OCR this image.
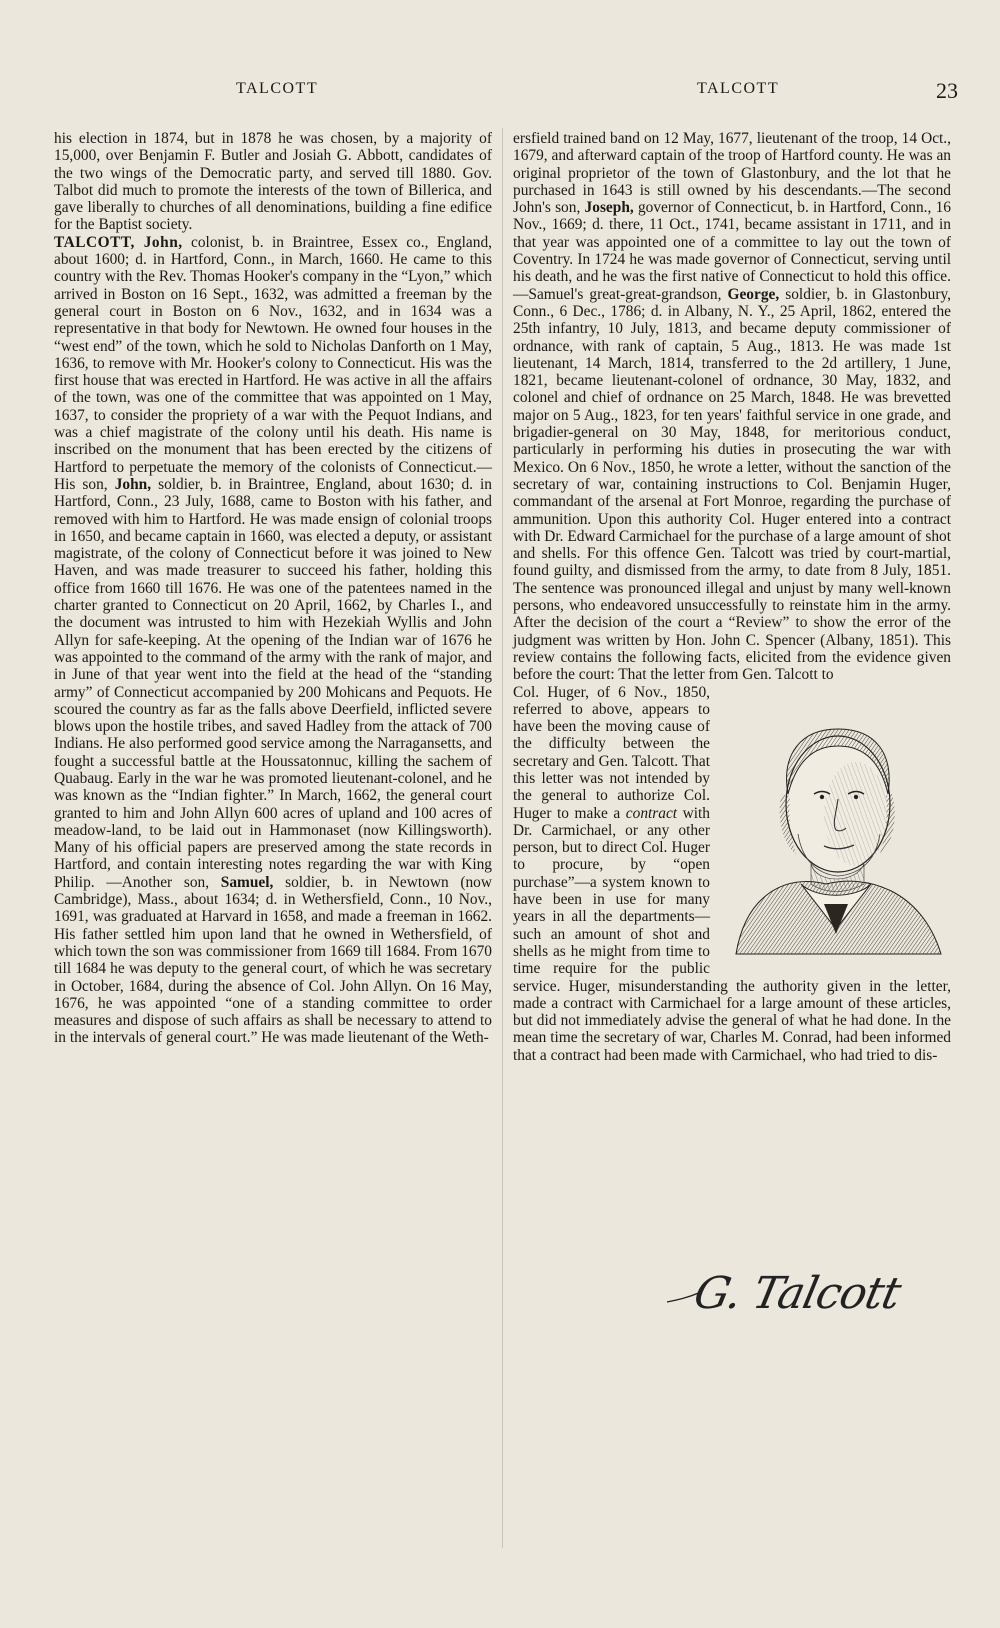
TALCOTT	TALCOTT	23

his election in 1874, but in 1878 he was chosen, by a majority of 15,000, over Benjamin F. Butler and Josiah G. Abbott, candidates of the two wings of the Democratic party, and served till 1880. Gov. Talbot did much to promote the interests of the town of Billerica, and gave liberally to churches of all denominations, building a fine edifice for the Baptist society.

TALCOTT, John, colonist, b. in Braintree, Essex co., England, about 1600; d. in Hartford, Conn., in March, 1660. He came to this country with the Rev. Thomas Hooker's company in the “Lyon,” which arrived in Boston on 16 Sept., 1632, was admitted a freeman by the general court in Boston on 6 Nov., 1632, and in 1634 was a representative in that body for Newtown. He owned four houses in the “west end” of the town, which he sold to Nicholas Danforth on 1 May, 1636, to remove with Mr. Hooker's colony to Connecticut. His was the first house that was erected in Hartford. He was active in all the affairs of the town, was one of the committee that was appointed on 1 May, 1637, to consider the propriety of a war with the Pequot Indians, and was a chief magistrate of the colony until his death. His name is inscribed on the monument that has been erected by the citizens of Hartford to perpetuate the memory of the colonists of Connecticut.—His son, John, soldier, b. in Braintree, England, about 1630; d. in Hartford, Conn., 23 July, 1688, came to Boston with his father, and removed with him to Hartford. He was made ensign of colonial troops in 1650, and became captain in 1660, was elected a deputy, or assistant magistrate, of the colony of Connecticut before it was joined to New Haven, and was made treasurer to succeed his father, holding this office from 1660 till 1676. He was one of the patentees named in the charter granted to Connecticut on 20 April, 1662, by Charles I., and the document was intrusted to him with Hezekiah Wyllis and John Allyn for safe-keeping. At the opening of the Indian war of 1676 he was appointed to the command of the army with the rank of major, and in June of that year went into the field at the head of the “standing army” of Connecticut accompanied by 200 Mohicans and Pequots. He scoured the country as far as the falls above Deerfield, inflicted severe blows upon the hostile tribes, and saved Hadley from the attack of 700 Indians. He also performed good service among the Narragansetts, and fought a successful battle at the Houssatonnuc, killing the sachem of Quabaug. Early in the war he was promoted lieutenant-colonel, and he was known as the “Indian fighter.” In March, 1662, the general court granted to him and John Allyn 600 acres of upland and 100 acres of meadow-land, to be laid out in Hammonaset (now Killingsworth). Many of his official papers are preserved among the state records in Hartford, and contain interesting notes regarding the war with King Philip. —Another son, Samuel, soldier, b. in Newtown (now Cambridge), Mass., about 1634; d. in Wethersfield, Conn., 10 Nov., 1691, was graduated at Harvard in 1658, and made a freeman in 1662. His father settled him upon land that he owned in Wethersfield, of which town the son was commissioner from 1669 till 1684. From 1670 till 1684 he was deputy to the general court, of which he was secretary in October, 1684, during the absence of Col. John Allyn. On 16 May, 1676, he was appointed “one of a standing committee to order measures and dispose of such affairs as shall be necessary to attend to in the intervals of general court.” He was made lieutenant of the Weth-

ersfield trained band on 12 May, 1677, lieutenant of the troop, 14 Oct., 1679, and afterward captain of the troop of Hartford county. He was an original proprietor of the town of Glastonbury, and the lot that he purchased in 1643 is still owned by his descendants.—The second John's son, Joseph, governor of Connecticut, b. in Hartford, Conn., 16 Nov., 1669; d. there, 11 Oct., 1741, became assistant in 1711, and in that year was appointed one of a committee to lay out the town of Coventry. In 1724 he was made governor of Connecticut, serving until his death, and he was the first native of Connecticut to hold this office.—Samuel's great-great-grandson, George, soldier, b. in Glastonbury, Conn., 6 Dec., 1786; d. in Albany, N. Y., 25 April, 1862, entered the 25th infantry, 10 July, 1813, and became deputy commissioner of ordnance, with rank of captain, 5 Aug., 1813. He was made 1st lieutenant, 14 March, 1814, transferred to the 2d artillery, 1 June, 1821, became lieutenant-colonel of ordnance, 30 May, 1832, and colonel and chief of ordnance on 25 March, 1848. He was brevetted major on 5 Aug., 1823, for ten years' faithful service in one grade, and brigadier-general on 30 May, 1848, for meritorious conduct, particularly in performing his duties in prosecuting the war with Mexico. On 6 Nov., 1850, he wrote a letter, without the sanction of the secretary of war, containing instructions to Col. Benjamin Huger, commandant of the arsenal at Fort Monroe, regarding the purchase of ammunition. Upon this authority Col. Huger entered into a contract with Dr. Edward Carmichael for the purchase of a large amount of shot and shells. For this offence Gen. Talcott was tried by court-martial, found guilty, and dismissed from the army, to date from 8 July, 1851. The sentence was pronounced illegal and unjust by many well-known persons, who endeavored unsuccessfully to reinstate him in the army. After the decision of the court a “Review” to show the error of the judgment was written by Hon. John C. Spencer (Albany, 1851). This review contains the following facts, elicited from the evidence given before the court: That the letter from Gen. Talcott to

Col. Huger, of 6 Nov., 1850, referred to above, appears to have been the moving cause of the difficulty between the secretary and Gen. Talcott. That this letter was not intended by the general to authorize Col. Huger to make a contract with Dr. Carmichael, or any other person, but to direct Col. Huger to procure, by “open purchase”—a system known to have been in use for many years in all the departments—such an amount of shot and shells as he might from time to time require for the public service. Huger, misunderstanding the authority given in the letter, made a contract with Carmichael for a large amount of these articles, but did not immediately advise the general of what he had done. In the mean time the secretary of war, Charles M. Conrad, had been informed that a contract had been made with Carmichael, who had tried to dis-
G. Talcott
